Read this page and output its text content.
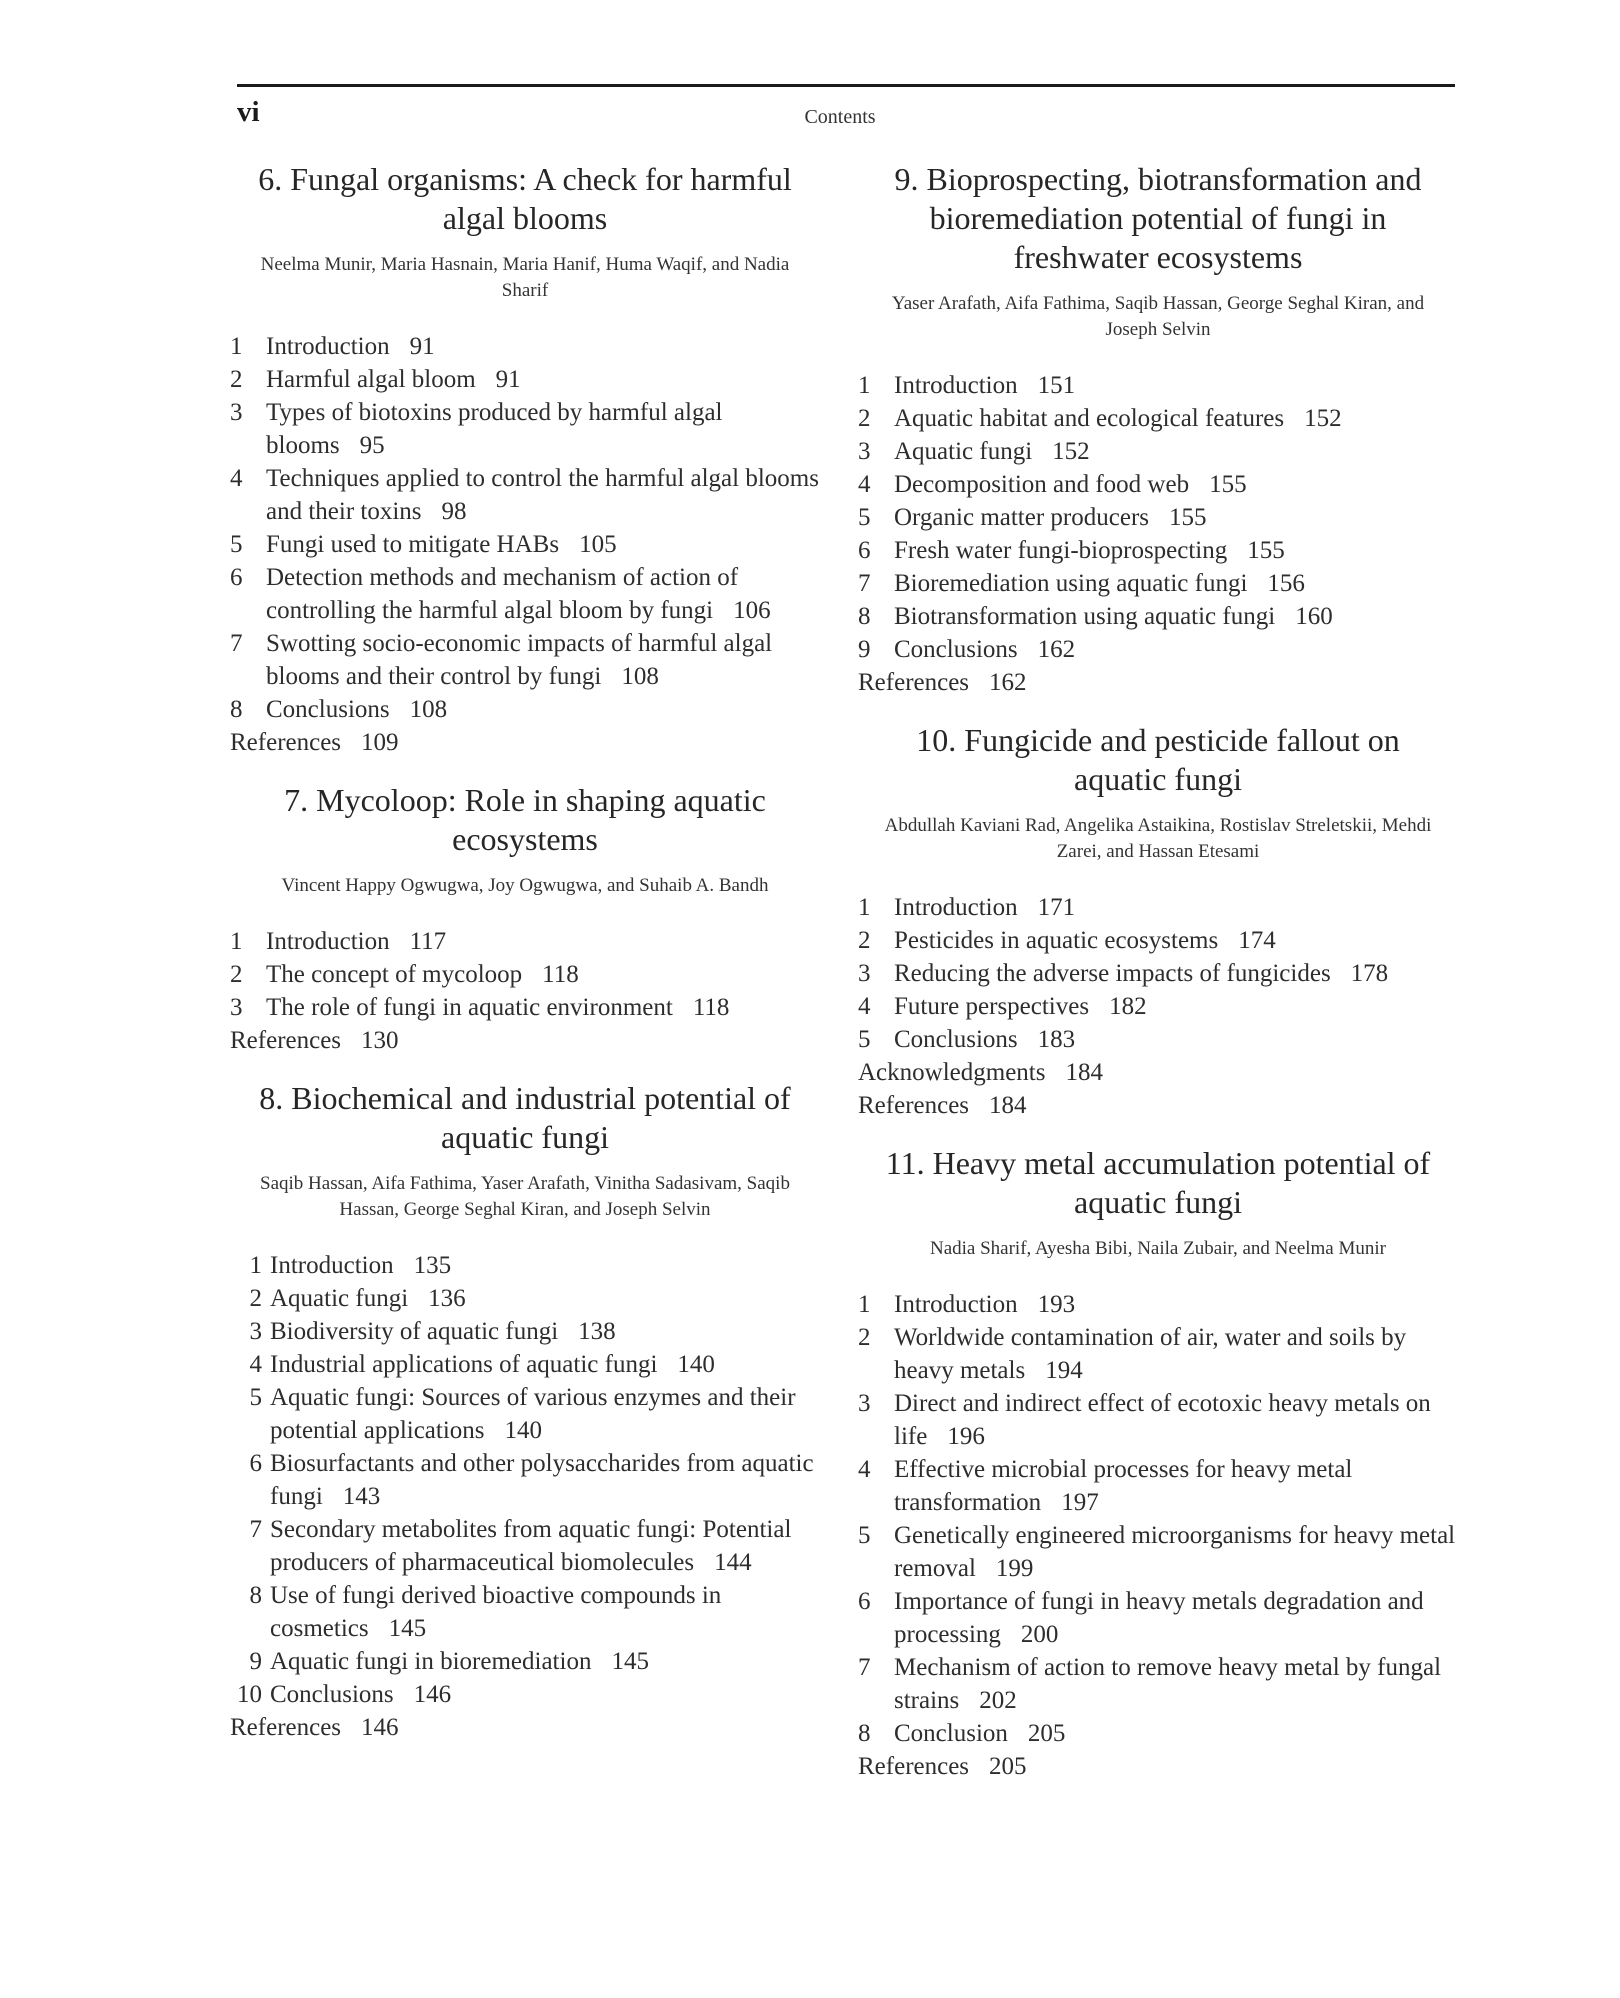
vi	Contents
6. Fungal organisms: A check for harmful algal blooms
Neelma Munir, Maria Hasnain, Maria Hanif, Huma Waqif, and Nadia Sharif
1 Introduction 91
2 Harmful algal bloom 91
3 Types of biotoxins produced by harmful algal blooms 95
4 Techniques applied to control the harmful algal blooms and their toxins 98
5 Fungi used to mitigate HABs 105
6 Detection methods and mechanism of action of controlling the harmful algal bloom by fungi 106
7 Swotting socio-economic impacts of harmful algal blooms and their control by fungi 108
8 Conclusions 108
References 109
7. Mycoloop: Role in shaping aquatic ecosystems
Vincent Happy Ogwugwa, Joy Ogwugwa, and Suhaib A. Bandh
1 Introduction 117
2 The concept of mycoloop 118
3 The role of fungi in aquatic environment 118
References 130
8. Biochemical and industrial potential of aquatic fungi
Saqib Hassan, Aifa Fathima, Yaser Arafath, Vinitha Sadasivam, Saqib Hassan, George Seghal Kiran, and Joseph Selvin
1 Introduction 135
2 Aquatic fungi 136
3 Biodiversity of aquatic fungi 138
4 Industrial applications of aquatic fungi 140
5 Aquatic fungi: Sources of various enzymes and their potential applications 140
6 Biosurfactants and other polysaccharides from aquatic fungi 143
7 Secondary metabolites from aquatic fungi: Potential producers of pharmaceutical biomolecules 144
8 Use of fungi derived bioactive compounds in cosmetics 145
9 Aquatic fungi in bioremediation 145
10 Conclusions 146
References 146
9. Bioprospecting, biotransformation and bioremediation potential of fungi in freshwater ecosystems
Yaser Arafath, Aifa Fathima, Saqib Hassan, George Seghal Kiran, and Joseph Selvin
1 Introduction 151
2 Aquatic habitat and ecological features 152
3 Aquatic fungi 152
4 Decomposition and food web 155
5 Organic matter producers 155
6 Fresh water fungi-bioprospecting 155
7 Bioremediation using aquatic fungi 156
8 Biotransformation using aquatic fungi 160
9 Conclusions 162
References 162
10. Fungicide and pesticide fallout on aquatic fungi
Abdullah Kaviani Rad, Angelika Astaikina, Rostislav Streletskii, Mehdi Zarei, and Hassan Etesami
1 Introduction 171
2 Pesticides in aquatic ecosystems 174
3 Reducing the adverse impacts of fungicides 178
4 Future perspectives 182
5 Conclusions 183
Acknowledgments 184
References 184
11. Heavy metal accumulation potential of aquatic fungi
Nadia Sharif, Ayesha Bibi, Naila Zubair, and Neelma Munir
1 Introduction 193
2 Worldwide contamination of air, water and soils by heavy metals 194
3 Direct and indirect effect of ecotoxic heavy metals on life 196
4 Effective microbial processes for heavy metal transformation 197
5 Genetically engineered microorganisms for heavy metal removal 199
6 Importance of fungi in heavy metals degradation and processing 200
7 Mechanism of action to remove heavy metal by fungal strains 202
8 Conclusion 205
References 205
